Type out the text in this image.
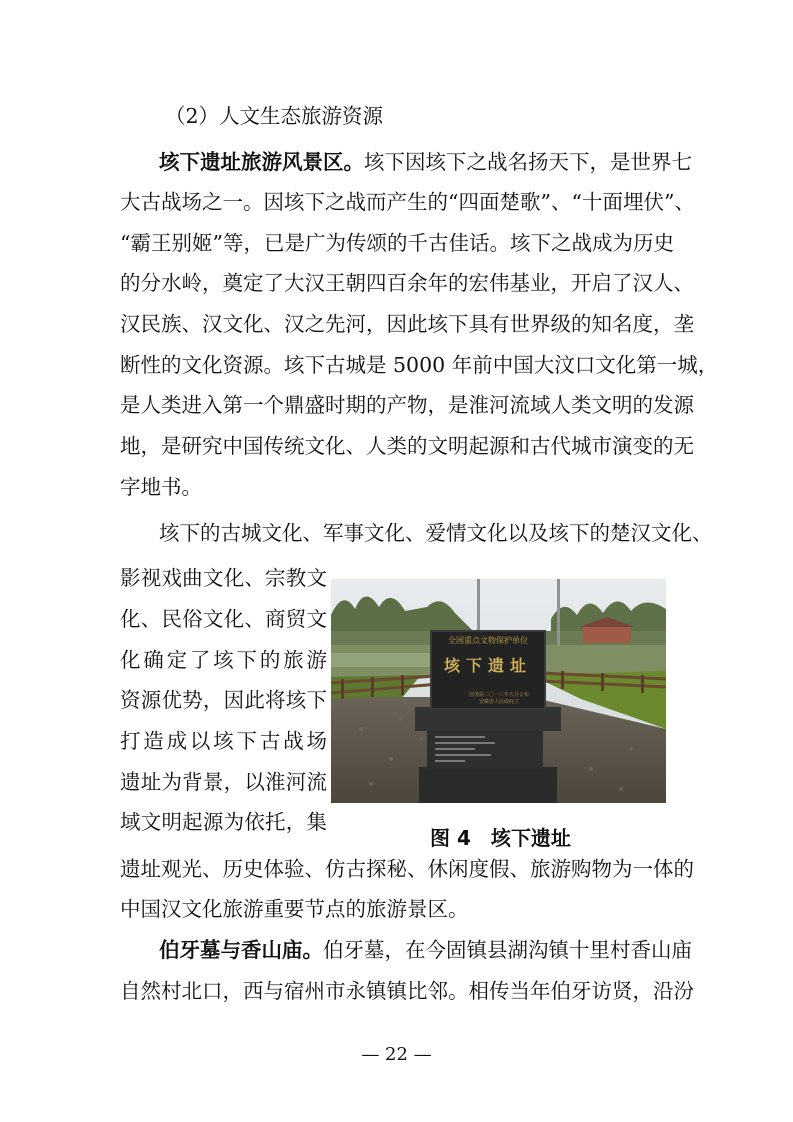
（2）人文生态旅游资源
垓下遗址旅游风景区。垓下因垓下之战名扬天下，是世界七
大古战场之一。因垓下之战而产生的“四面楚歌”、“十面埋伏”、
“霸王别姬”等，已是广为传颂的千古佳话。垓下之战成为历史
的分水岭，奠定了大汉王朝四百余年的宏伟基业，开启了汉人、
汉民族、汉文化、汉之先河，因此垓下具有世界级的知名度，垄
断性的文化资源。垓下古城是 5000 年前中国大汶口文化第一城，
是人类进入第一个鼎盛时期的产物，是淮河流域人类文明的发源
地，是研究中国传统文化、人类的文明起源和古代城市演变的无
字地书。
垓下的古城文化、军事文化、爱情文化以及垓下的楚汉文化、
影视戏曲文化、宗教文
化、民俗文化、商贸文
化确定了垓下的旅游
资源优势，因此将垓下
打造成以垓下古战场
遗址为背景，以淮河流
域文明起源为依托，集
全国重点文物保护单位
垓下遗址
国务院二〇一三年五月公布
安徽省人民政府立
图 4　垓下遗址
遗址观光、历史体验、仿古探秘、休闲度假、旅游购物为一体的
中国汉文化旅游重要节点的旅游景区。
伯牙墓与香山庙。伯牙墓，在今固镇县湖沟镇十里村香山庙
自然村北口，西与宿州市永镇镇比邻。相传当年伯牙访贤，沿汾
— 22 —
